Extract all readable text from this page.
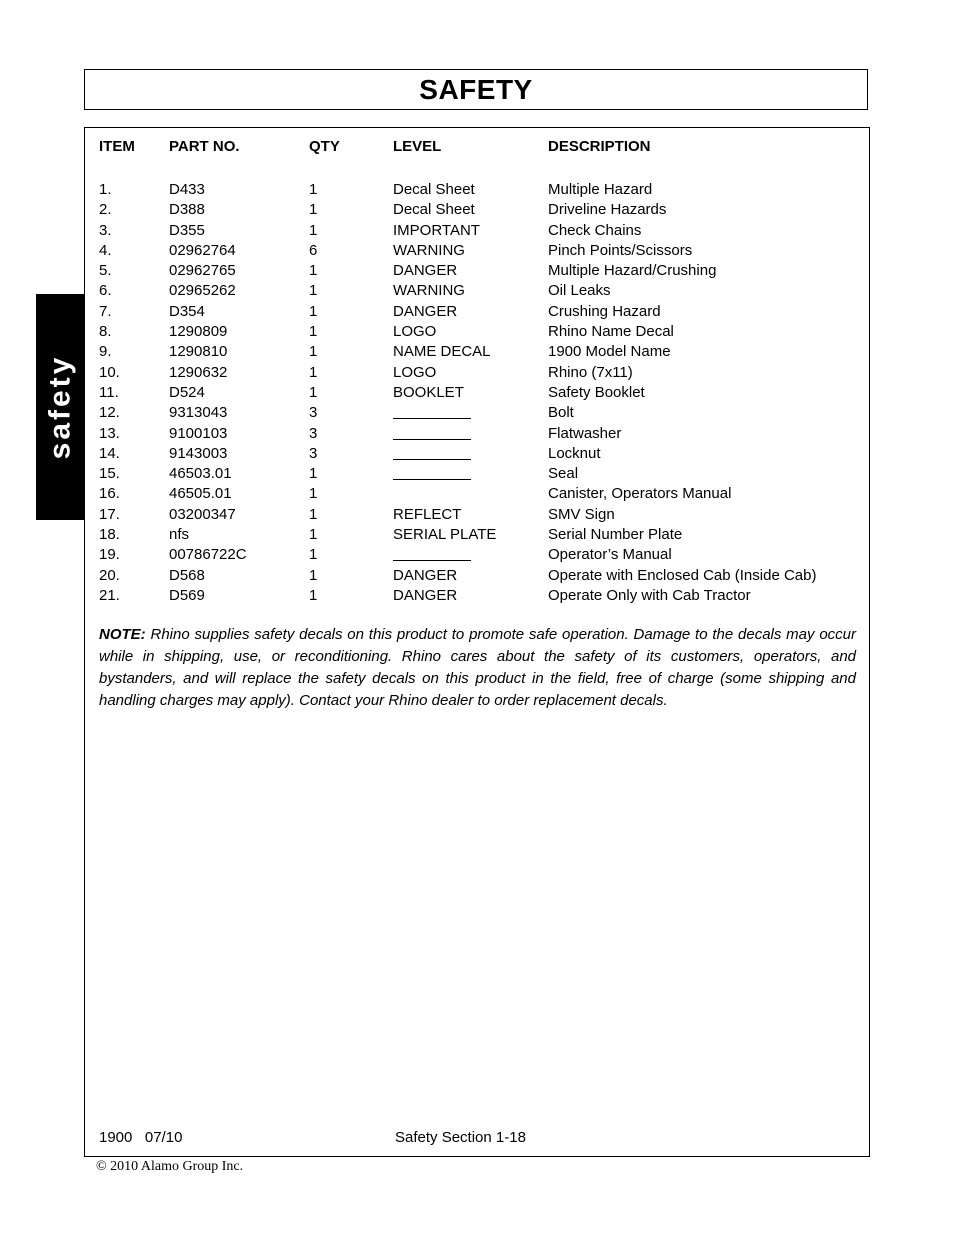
SAFETY
safety
ITEM	PART NO.	QTY	LEVEL	DESCRIPTION
1.	D433	1	Decal Sheet	Multiple Hazard
2.	D388	1	Decal Sheet	Driveline Hazards
3.	D355	1	IMPORTANT	Check Chains
4.	02962764	6	WARNING	Pinch Points/Scissors
5.	02962765	1	DANGER	Multiple Hazard/Crushing
6.	02965262	1	WARNING	Oil Leaks
7.	D354	1	DANGER	Crushing Hazard
8.	1290809	1	LOGO	Rhino Name Decal
9.	1290810	1	NAME DECAL	1900 Model Name
10.	1290632	1	LOGO	Rhino (7x11)
11.	D524	1	BOOKLET	Safety Booklet
12.	9313043	3		Bolt
13.	9100103	3		Flatwasher
14.	9143003	3		Locknut
15.	46503.01	1		Seal
16.	46505.01	1		Canister, Operators Manual
17.	03200347	1	REFLECT	SMV Sign
18.	nfs	1	SERIAL PLATE	Serial Number Plate
19.	00786722C	1		Operator’s Manual
20.	D568	1	DANGER	Operate with Enclosed Cab (Inside Cab)
21.	D569	1	DANGER	Operate Only with Cab Tractor
NOTE: Rhino supplies safety decals on this product to promote safe operation. Damage to the decals may occur while in shipping, use, or reconditioning. Rhino cares about the safety of its customers, operators, and bystanders, and will replace the safety decals on this product in the field, free of charge (some shipping and handling charges may apply). Contact your Rhino dealer to order replacement decals.
1900   07/10	Safety Section 1-18
© 2010 Alamo Group Inc.
